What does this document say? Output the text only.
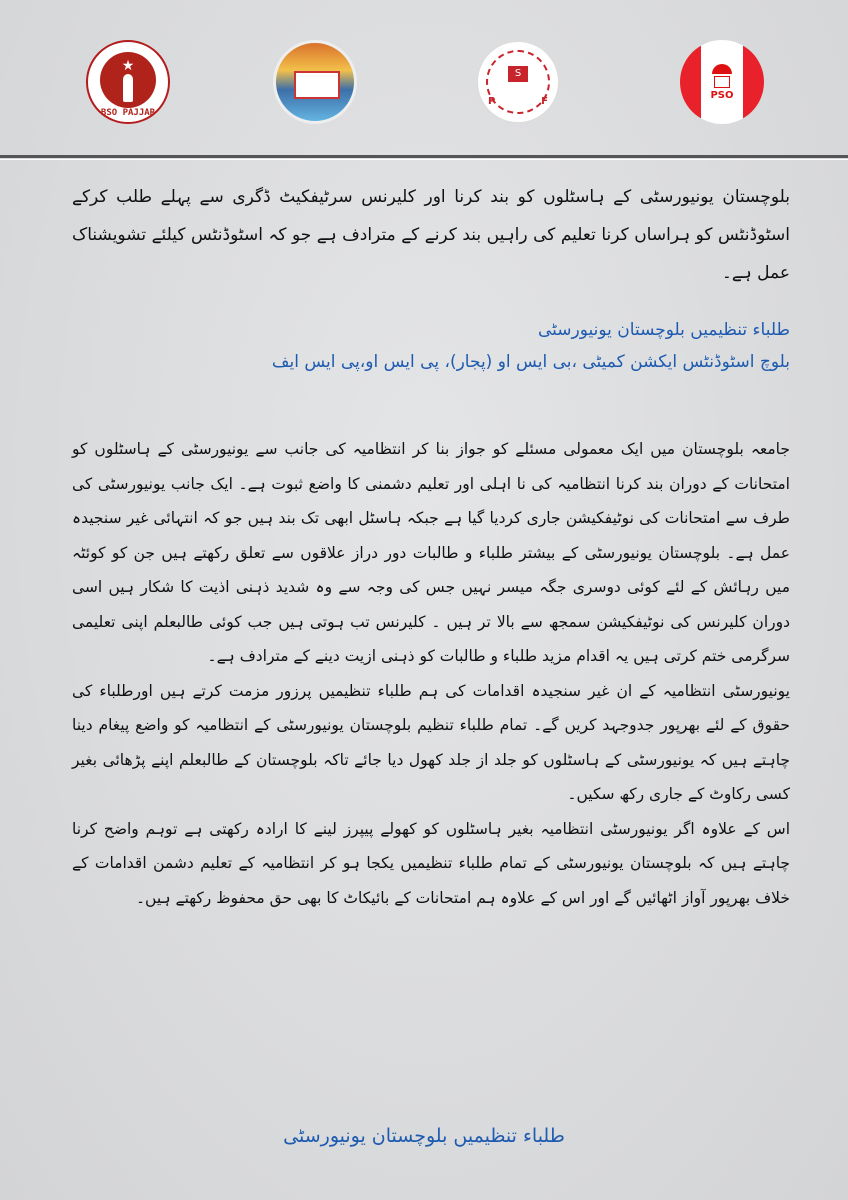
★
BSO PAJJAR
S
P	F
PSO
بلوچستان یونیورسٹی کے ہاسٹلوں کو بند کرنا اور کلیرنس سرٹیفکیٹ ڈگری سے پہلے طلب کرکے اسٹوڈنٹس کو ہراساں کرنا تعلیم کی راہیں بند کرنے کے مترادف ہے جو کہ اسٹوڈنٹس کیلئے تشویشناک عمل ہے۔
طلباء تنظیمیں بلوچستان یونیورسٹی
بلوچ اسٹوڈنٹس ایکشن کمیٹی ،بی ایس او (پجار)، پی ایس او،پی ایس ایف

جامعہ بلوچستان میں ایک معمولی مسئلے کو جواز بنا کر انتظامیہ کی جانب سے یونیورسٹی کے ہاسٹلوں کو امتحانات کے دوران بند کرنا انتظامیہ کی نا اہلی اور تعلیم دشمنی کا واضع ثبوت ہے۔ ایک جانب یونیورسٹی کی طرف سے امتحانات کی نوٹیفکیشن جاری کردیا گیا ہے جبکہ ہاسٹل ابھی تک بند ہیں جو کہ انتہائی غیر سنجیدہ عمل ہے۔ بلوچستان یونیورسٹی کے بیشتر طلباء و طالبات دور دراز علاقوں سے تعلق رکھتے ہیں جن کو کوئٹہ میں رہائش کے لئے کوئی دوسری جگہ میسر نہیں جس کی وجہ سے وہ شدید ذہنی اذیت کا شکار ہیں اسی دوران کلیرنس کی نوٹیفکیشن سمجھ سے بالا تر ہیں ۔ کلیرنس تب ہوتی ہیں جب کوئی طالبعلم اپنی تعلیمی سرگرمی ختم کرتی ہیں یہ اقدام مزید طلباء و طالبات کو ذہنی ازیت دینے کے مترادف ہے۔

یونیورسٹی انتظامیہ کے ان غیر سنجیدہ اقدامات کی ہم طلباء تنظیمیں پرزور مزمت کرتے ہیں اورطلباء کی حقوق کے لئے بھرپور جدوجہد کریں گے۔ تمام طلباء تنظیم بلوچستان یونیورسٹی کے انتظامیہ کو واضع پیغام دینا چاہتے ہیں کہ یونیورسٹی کے ہاسٹلوں کو جلد از جلد کھول دیا جائے تاکہ بلوچستان کے طالبعلم اپنے پڑھائی بغیر کسی رکاوٹ کے جاری رکھ سکیں۔

اس کے علاوہ اگر یونیورسٹی انتظامیہ بغیر ہاسٹلوں کو کھولے پیپرز لینے کا ارادہ رکھتی ہے توہم واضح کرنا چاہتے ہیں کہ بلوچستان یونیورسٹی کے تمام طلباء تنظیمیں یکجا ہو کر انتظامیہ کے تعلیم دشمن اقدامات کے خلاف بھرپور آواز اٹھائیں گے اور اس کے علاوہ ہم امتحانات کے بائیکاٹ کا بھی حق محفوظ رکھتے ہیں۔

طلباء تنظیمیں بلوچستان یونیورسٹی
